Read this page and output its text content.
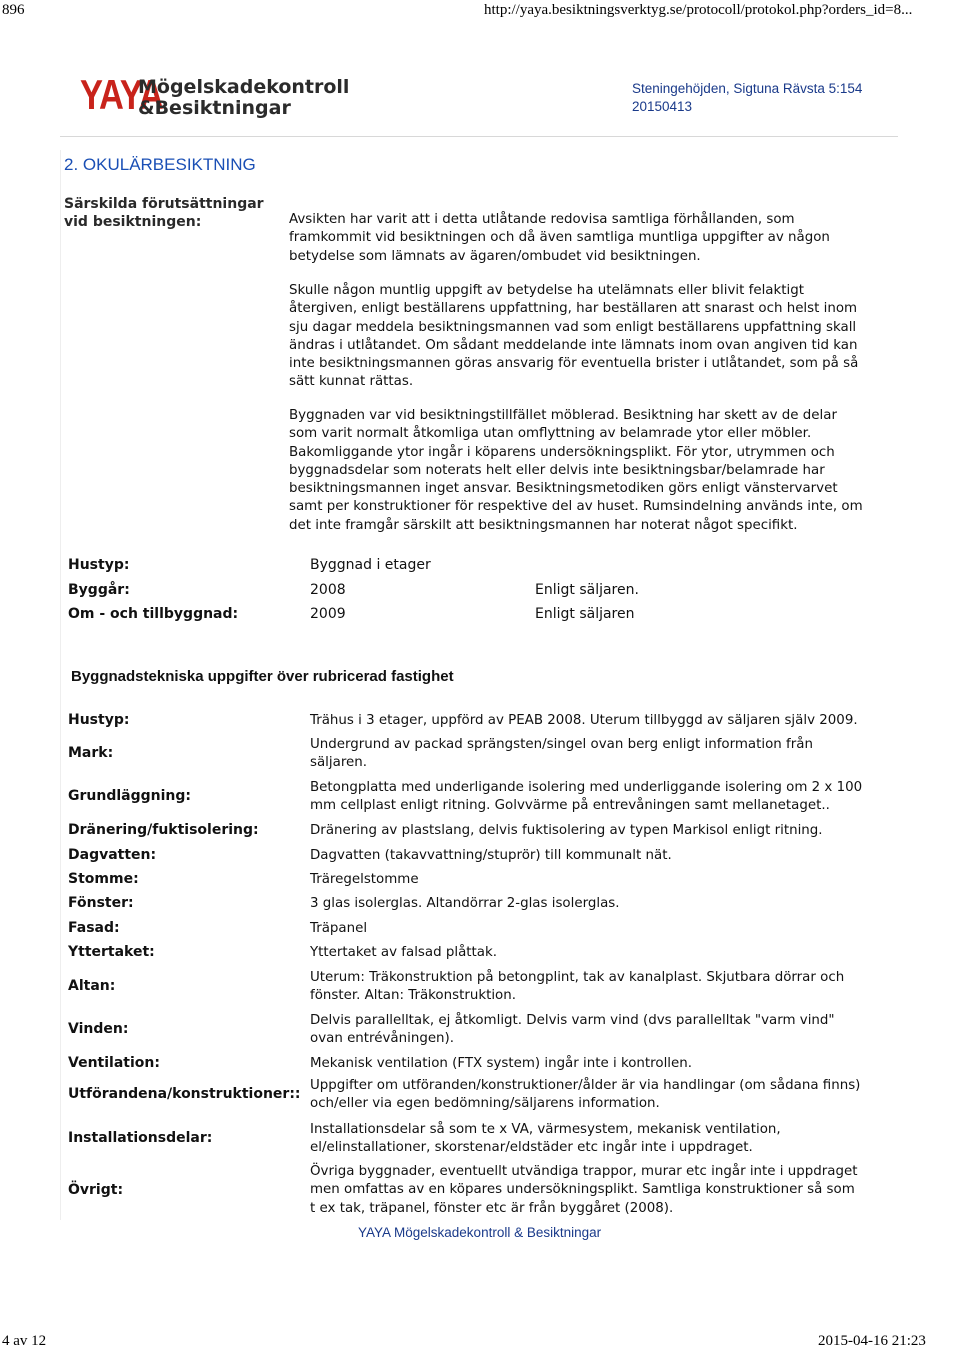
896	http://yaya.besiktningsverktyg.se/protocoll/protokol.php?orders_id=8...
YAYA
Mögelskadekontroll
&Besiktningar
Steningehöjden, Sigtuna Rävsta 5:154
20150413
2. OKULÄRBESIKTNING
Särskilda förutsättningar
vid besiktningen:	Avsikten har varit att i detta utlåtande redovisa samtliga förhållanden, som
framkommit vid besiktningen och då även samtliga muntliga uppgifter av någon
betydelse som lämnats av ägaren/ombudet vid besiktningen.
Skulle någon muntlig uppgift av betydelse ha utelämnats eller blivit felaktigt
återgiven, enligt beställarens uppfattning, har beställaren att snarast och helst inom
sju dagar meddela besiktningsmannen vad som enligt beställarens uppfattning skall
ändras i utlåtandet. Om sådant meddelande inte lämnats inom ovan angiven tid kan
inte besiktningsmannen göras ansvarig för eventuella brister i utlåtandet, som på så
sätt kunnat rättas.
Byggnaden var vid besiktningstillfället möblerad. Besiktning har skett av de delar
som varit normalt åtkomliga utan omflyttning av belamrade ytor eller möbler.
Bakomliggande ytor ingår i köparens undersökningsplikt. För ytor, utrymmen och
byggnadsdelar som noterats helt eller delvis inte besiktningsbar/belamrade har
besiktningsmannen inget ansvar. Besiktningsmetodiken görs enligt vänstervarvet
samt per konstruktioner för respektive del av huset. Rumsindelning används inte, om
det inte framgår särskilt att besiktningsmannen har noterat något specifikt.
Hustyp:	Byggnad i etager
Byggår:	2008	Enligt säljaren.
Om - och tillbyggnad:	2009	Enligt säljaren
Byggnadstekniska uppgifter över rubricerad fastighet
Hustyp:	Trähus i 3 etager, uppförd av PEAB 2008. Uterum tillbyggd av säljaren själv 2009.
Mark:
Undergrund av packad sprängsten/singel ovan berg enligt information från
säljaren.
Grundläggning:
Betongplatta med underligande isolering med underliggande isolering om 2 x 100
mm cellplast enligt ritning. Golvvärme på entrevåningen samt mellanetaget..
Dränering/fuktisolering:	Dränering av plastslang, delvis fuktisolering av typen Markisol enligt ritning.
Dagvatten:	Dagvatten (takavvattning/stuprör) till kommunalt nät.
Stomme:	Träregelstomme
Fönster:	3 glas isolerglas. Altandörrar 2-glas isolerglas.
Fasad:	Träpanel
Yttertaket:	Yttertaket av falsad plåttak.
Altan:
Uterum: Träkonstruktion på betongplint, tak av kanalplast. Skjutbara dörrar och
fönster. Altan: Träkonstruktion.
Vinden:
Delvis parallelltak, ej åtkomligt. Delvis varm vind (dvs parallelltak "varm vind"
ovan entrévåningen).
Ventilation:	Mekanisk ventilation (FTX system) ingår inte i kontrollen.
Utförandena/konstruktioner::
Uppgifter om utföranden/konstruktioner/ålder är via handlingar (om sådana finns)
och/eller via egen bedömning/säljarens information.
Installationsdelar:
Installationsdelar så som te x VA, värmesystem, mekanisk ventilation,
el/elinstallationer, skorstenar/eldstäder etc ingår inte i uppdraget.
Övrigt:
Övriga byggnader, eventuellt utvändiga trappor, murar etc ingår inte i uppdraget
men omfattas av en köpares undersökningsplikt. Samtliga konstruktioner så som
t ex tak, träpanel, fönster etc är från byggåret (2008).
YAYA Mögelskadekontroll & Besiktningar
4 av 12	2015-04-16 21:23
